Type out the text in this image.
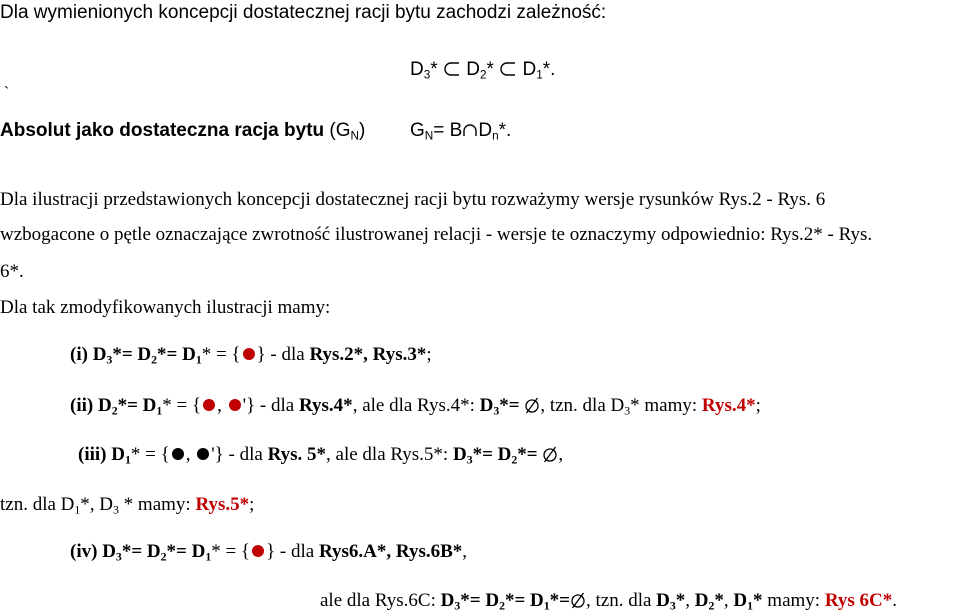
Dla wymienionych koncepcji dostatecznej racji bytu zachodzi zależność:
$D_3*$ $D_2*$ $D_1*$.
`
Absolut jako dostateczna racja bytu $(G_N)$ $G_N= B$ $D_n*$.
Dla ilustracji przedstawionych koncepcji dostatecznej racji bytu rozważymy wersje rysunków Rys.2 - Rys. 6
wzbogacone o pętle oznaczające zwrotność ilustrowanej relacji - wersje te oznaczymy odpowiednio: Rys.2* - Rys.
6*.
Dla tak zmodyfikowanych ilustracji mamy:
(i) $D_3*= D_2*= D_1*$ = { } - dla Rys.2*, Rys.3*;
(ii) $D_2*= D_1*$ = { , '} - dla Rys.4*, ale dla Rys.4*: $D_3*=$ , tzn. dla $D_3*$ mamy: Rys.4*;
(iii) $D_1*$ = { , '} - dla Rys. 5*, ale dla Rys.5*: $D_3*= D_2*=$ ,
tzn. dla $D_1*$, $D_3$ * mamy: Rys.5*;
(iv) $D_3*= D_2*= D_1*$ = { } - dla Rys6.A*, Rys.6B*,
ale dla Rys.6C: $D_3*= D_2*= D_1*=$ , tzn. dla $D_3*$, $D_2*$, $D_1*$ mamy: Rys 6C*.
